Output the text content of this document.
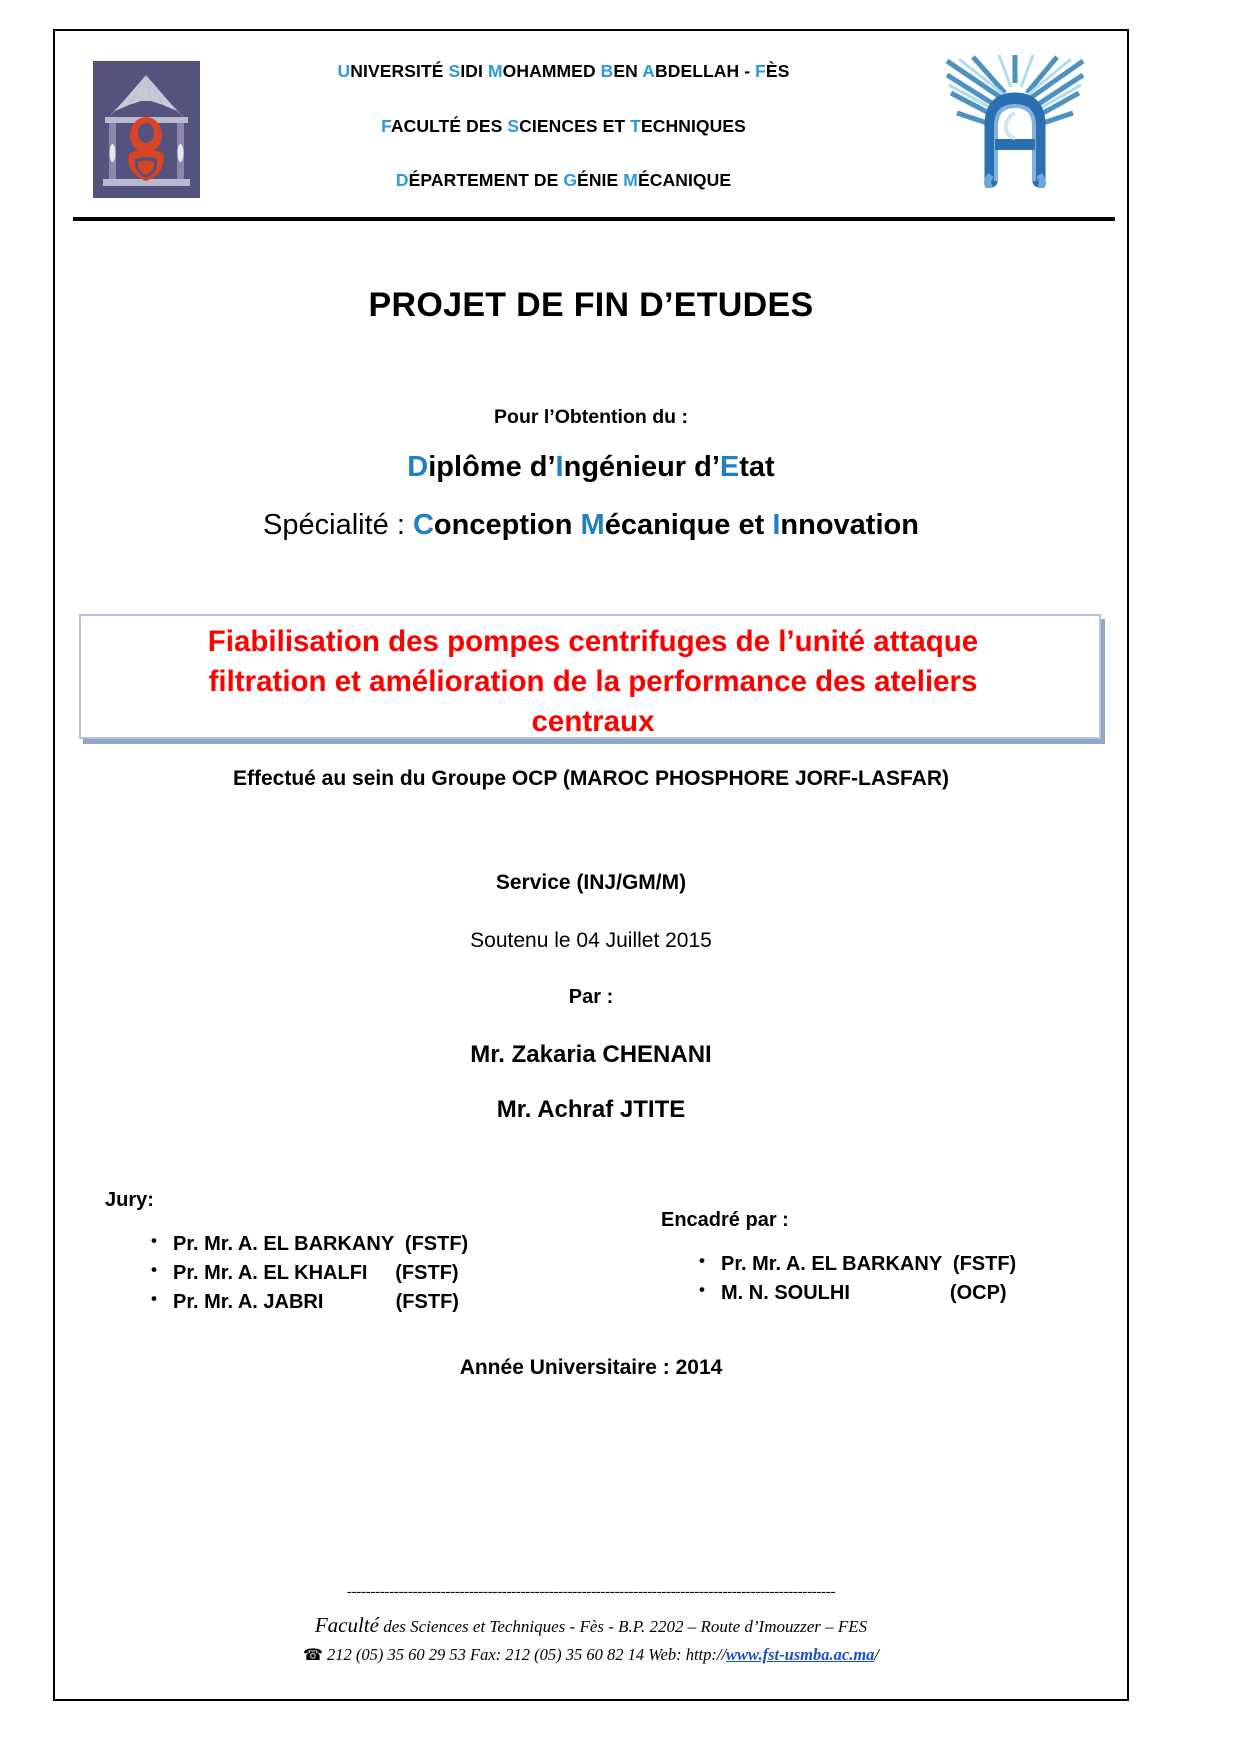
UNIVERSITÉ SIDI MOHAMMED BEN ABDELLAH - FÈS
FACULTÉ DES SCIENCES ET TECHNIQUES
DÉPARTEMENT DE GÉNIE MÉCANIQUE
PROJET DE FIN D’ETUDES
Pour l’Obtention du :
Diplôme d’Ingénieur d’Etat
Spécialité : Conception Mécanique et Innovation
Fiabilisation des pompes centrifuges de l’unité attaque
filtration et amélioration de la performance des ateliers
centraux
Effectué au sein du Groupe OCP (MAROC PHOSPHORE JORF-LASFAR)
Service (INJ/GM/M)
Soutenu le 04 Juillet 2015
Par :
Mr. Zakaria CHENANI
Mr. Achraf JTITE
Jury:
• Pr. Mr. A. EL BARKANY  (FSTF)
• Pr. Mr. A. EL KHALFI     (FSTF)
• Pr. Mr. A. JABRI             (FSTF)
Encadré par :
• Pr. Mr. A. EL BARKANY  (FSTF)
• M. N. SOULHI                  (OCP)
Année Universitaire : 2014
--------------------------------------------------------------------------------------------------------
Faculté des Sciences et Techniques - Fès - B.P. 2202 – Route d’Imouzzer – FES
☎ 212 (05) 35 60 29 53 Fax: 212 (05) 35 60 82 14 Web: http://www.fst-usmba.ac.ma/
